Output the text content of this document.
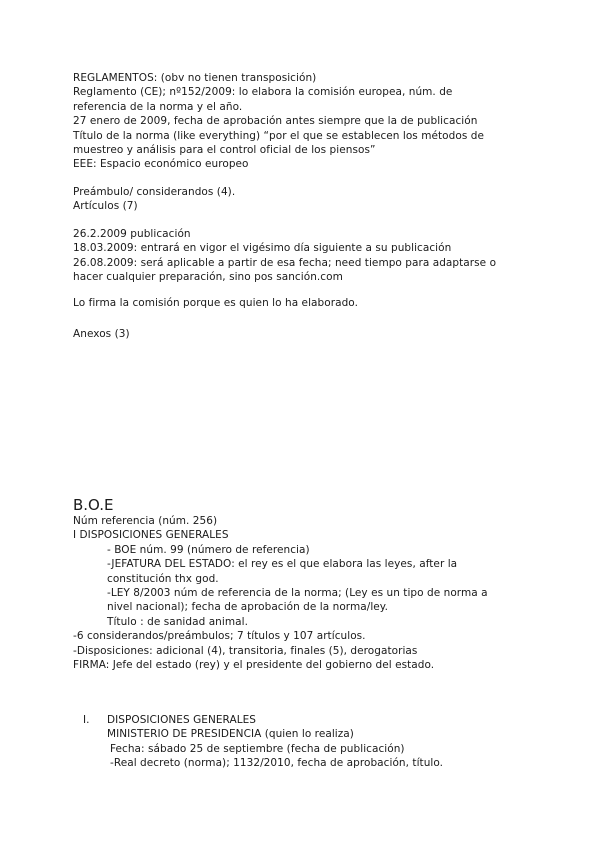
REGLAMENTOS: (obv no tienen transposición)
Reglamento (CE); nº152/2009: lo elabora la comisión europea, núm. de
referencia de la norma y el año.
27 enero de 2009, fecha de aprobación antes siempre que la de publicación
Título de la norma (like everything) “por el que se establecen los métodos de
muestreo y análisis para el control oficial de los piensos”
EEE: Espacio económico europeo
Preámbulo/ considerandos (4).
Artículos (7)
26.2.2009 publicación
18.03.2009: entrará en vigor el vigésimo día siguiente a su publicación
26.08.2009: será aplicable a partir de esa fecha; need tiempo para adaptarse o
hacer cualquier preparación, sino pos sanción.com
Lo firma la comisión porque es quien lo ha elaborado.
Anexos (3)
B.O.E
Núm referencia (núm. 256)
I DISPOSICIONES GENERALES
- BOE núm. 99 (número de referencia)
-JEFATURA DEL ESTADO: el rey es el que elabora las leyes, after la
constitución thx god.
-LEY 8/2003 núm de referencia de la norma; (Ley es un tipo de norma a
nivel nacional); fecha de aprobación de la norma/ley.
Título : de sanidad animal.
-6 considerandos/preámbulos; 7 títulos y 107 artículos.
-Disposiciones: adicional (4), transitoria, finales (5), derogatorias
FIRMA: Jefe del estado (rey) y el presidente del gobierno del estado.
I. DISPOSICIONES GENERALES
MINISTERIO DE PRESIDENCIA (quien lo realiza)
Fecha: sábado 25 de septiembre (fecha de publicación)
-Real decreto (norma); 1132/2010, fecha de aprobación, título.
